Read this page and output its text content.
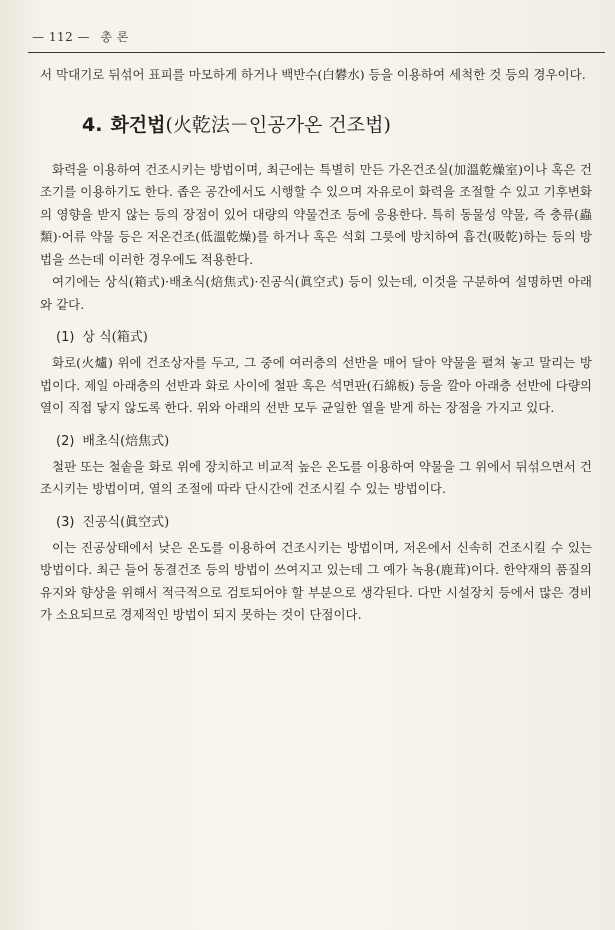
— 112 — 총 론

서 막대기로 뒤섞어 표피를 마모하게 하거나 백반수(白礬水) 등을 이용하여 세척한 것 등의 경우이다.

4. 화건법(火乾法－인공가온 건조법)

화력을 이용하여 건조시키는 방법이며, 최근에는 특별히 만든 가온건조실(加溫乾燥室)이나 혹은 건조기를 이용하기도 한다. 좁은 공간에서도 시행할 수 있으며 자유로이 화력을 조절할 수 있고 기후변화의 영향을 받지 않는 등의 장점이 있어 대량의 약물건조 등에 응용한다. 특히 동물성 약물, 즉 충류(蟲類)·어류 약물 등은 저온건조(低溫乾燥)를 하거나 혹은 석회 그릇에 방치하여 흡건(吸乾)하는 등의 방법을 쓰는데 이러한 경우에도 적용한다.

여기에는 상식(箱式)·배초식(焙焦式)·진공식(眞空式) 등이 있는데, 이것을 구분하여 설명하면 아래와 같다.

(1) 상 식(箱式)

화로(火爐) 위에 건조상자를 두고, 그 중에 여러층의 선반을 매어 달아 약물을 펼쳐 놓고 말리는 방법이다. 제일 아래층의 선반과 화로 사이에 철판 혹은 석면판(石綿板) 등을 깔아 아래층 선반에 다량의 열이 직접 닿지 않도록 한다. 위와 아래의 선반 모두 균일한 열을 받게 하는 장점을 가지고 있다.

(2) 배초식(焙焦式)

철판 또는 철솥을 화로 위에 장치하고 비교적 높은 온도를 이용하여 약물을 그 위에서 뒤섞으면서 건조시키는 방법이며, 열의 조절에 따라 단시간에 건조시킬 수 있는 방법이다.

(3) 진공식(眞空式)

이는 진공상태에서 낮은 온도를 이용하여 건조시키는 방법이며, 저온에서 신속히 건조시킬 수 있는 방법이다. 최근 들어 동결건조 등의 방법이 쓰여지고 있는데 그 예가 녹용(鹿茸)이다. 한약재의 품질의 유지와 향상을 위해서 적극적으로 검토되어야 할 부분으로 생각된다. 다만 시설장치 등에서 많은 경비가 소요되므로 경제적인 방법이 되지 못하는 것이 단점이다.
